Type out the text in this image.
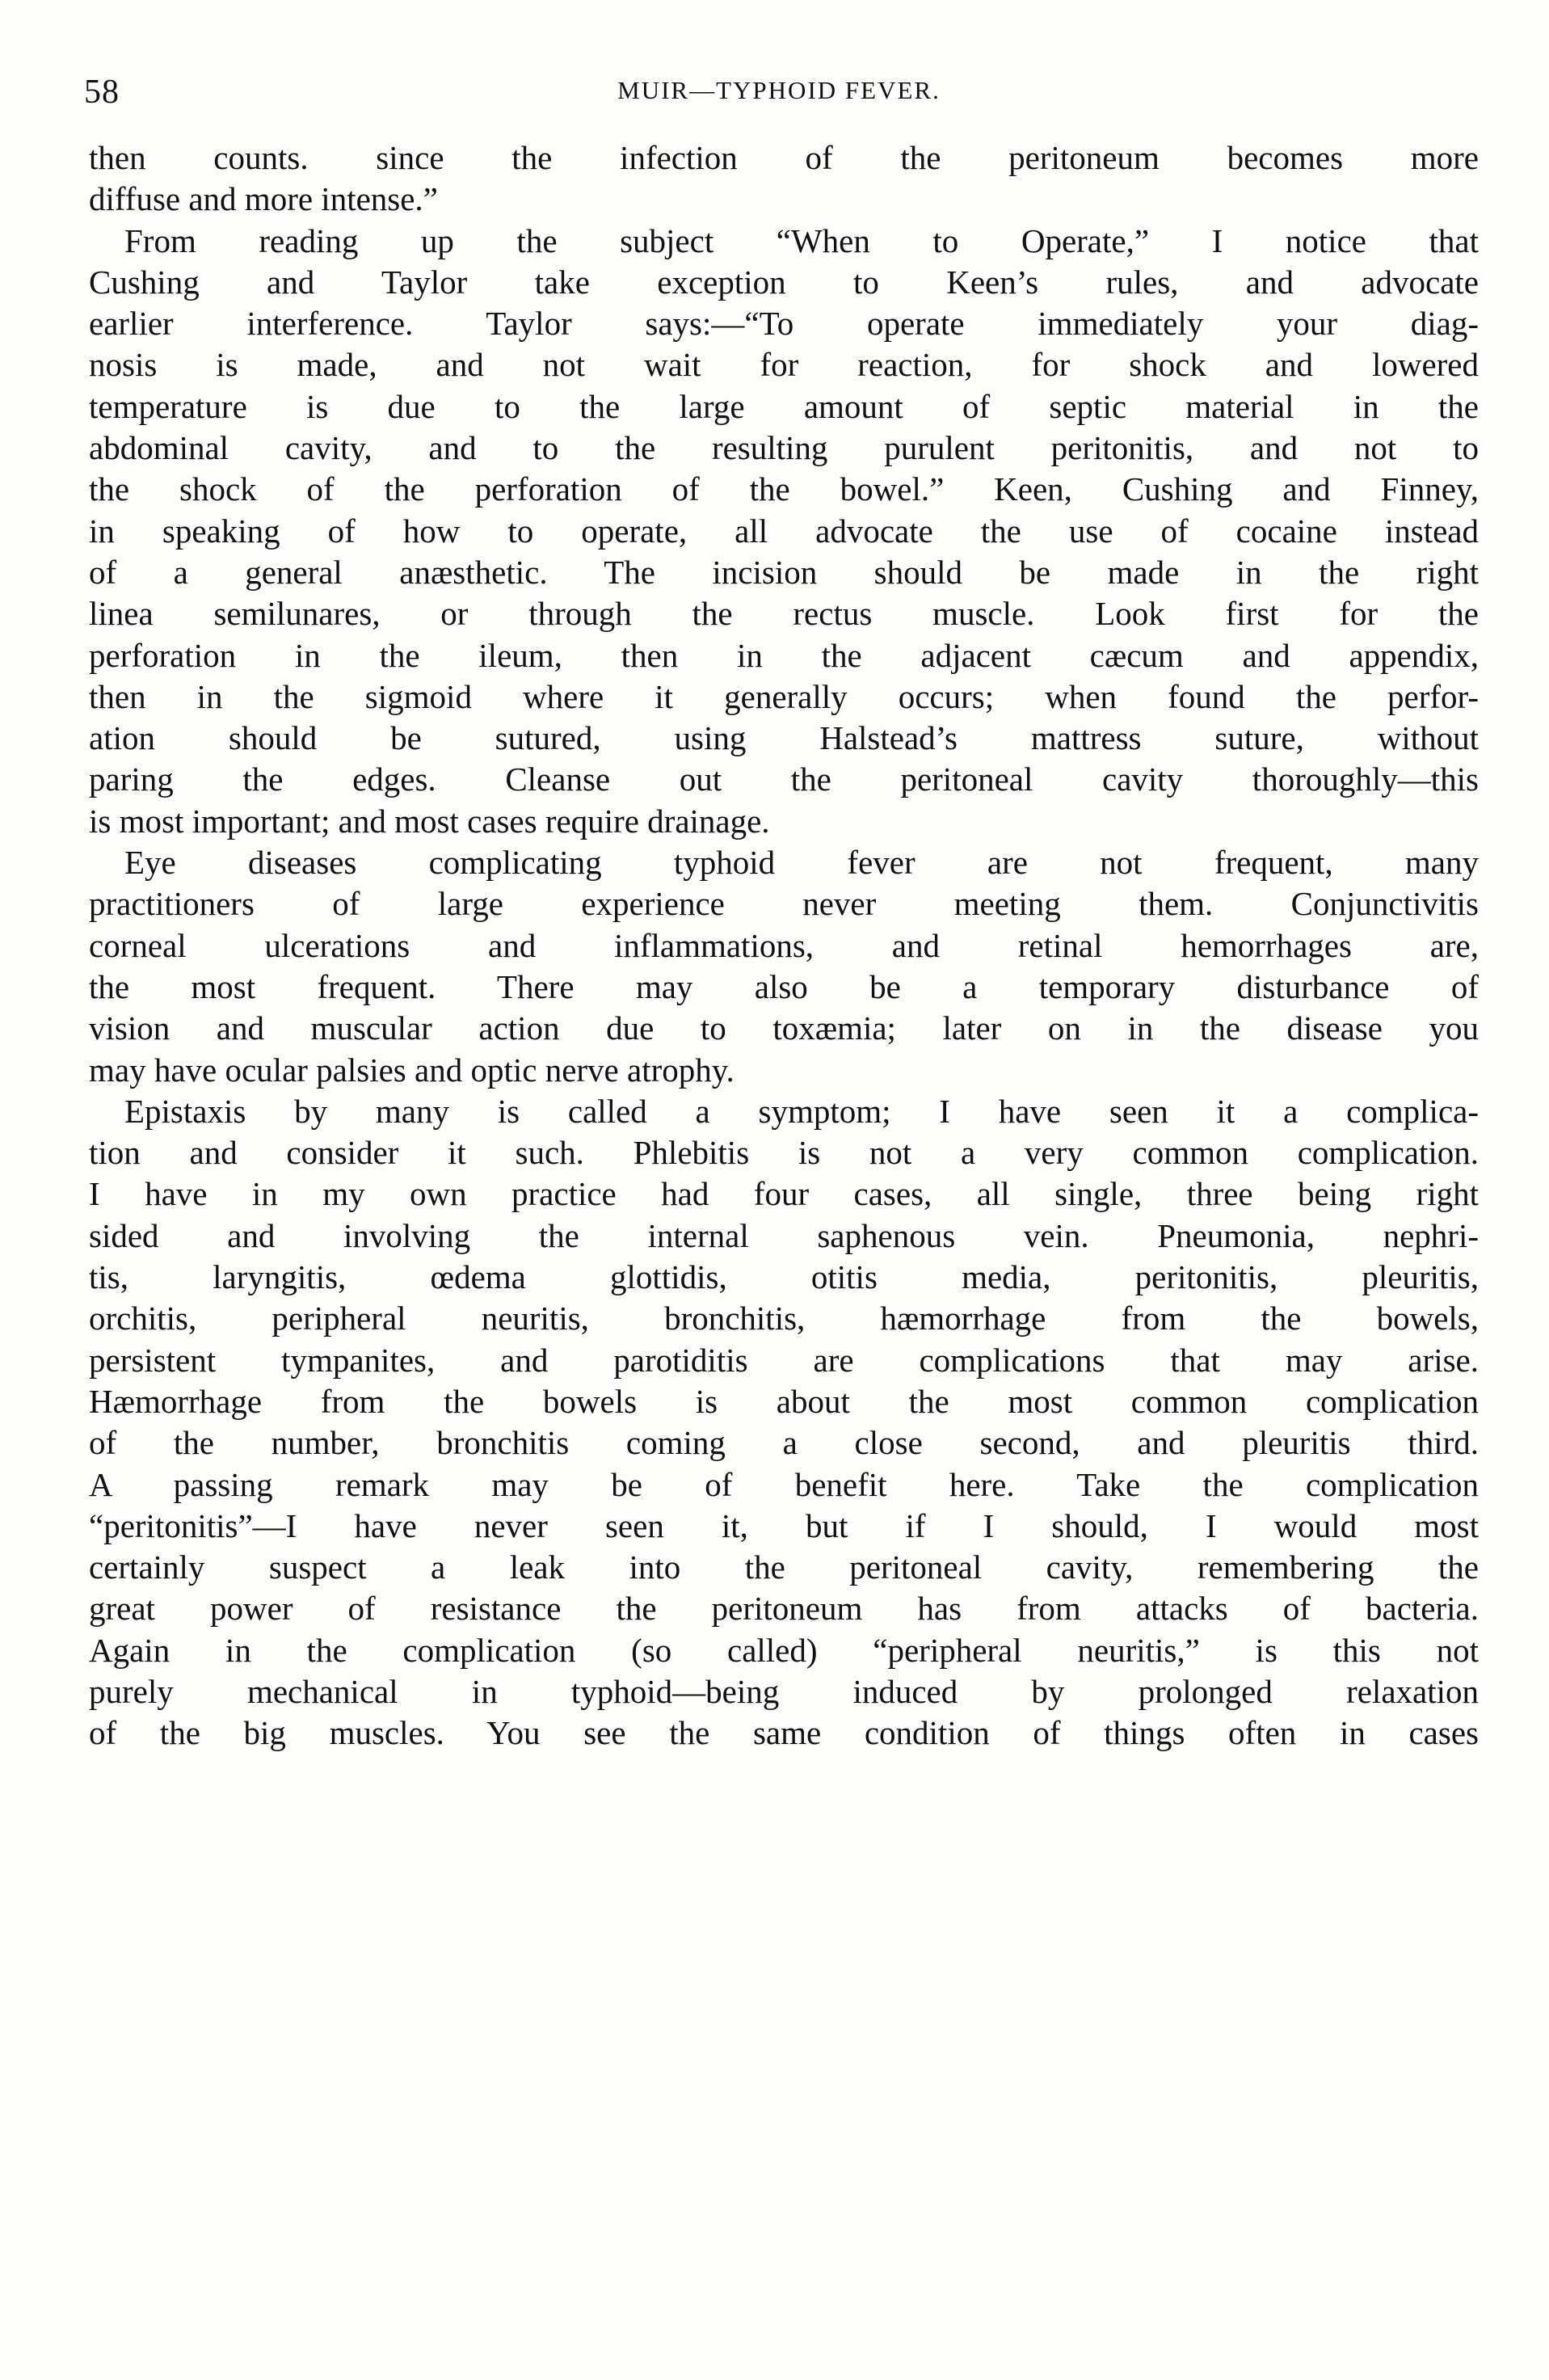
58	MUIR—TYPHOID FEVER.
then counts. since the infection of the peritoneum becomes more
diffuse and more intense.”
From reading up the subject “When to Operate,” I notice that
Cushing and Taylor take exception to Keen’s rules, and advocate
earlier interference. Taylor says:—“To operate immediately your diag-
nosis is made, and not wait for reaction, for shock and lowered
temperature is due to the large amount of septic material in the
abdominal cavity, and to the resulting purulent peritonitis, and not to
the shock of the perforation of the bowel.” Keen, Cushing and Finney,
in speaking of how to operate, all advocate the use of cocaine instead
of a general anæsthetic. The incision should be made in the right
linea semilunares, or through the rectus muscle. Look first for the
perforation in the ileum, then in the adjacent cæcum and appendix,
then in the sigmoid where it generally occurs; when found the perfor-
ation should be sutured, using Halstead’s mattress suture, without
paring the edges. Cleanse out the peritoneal cavity thoroughly—this
is most important; and most cases require drainage.
Eye diseases complicating typhoid fever are not frequent, many
practitioners of large experience never meeting them. Conjunctivitis
corneal ulcerations and inflammations, and retinal hemorrhages are,
the most frequent. There may also be a temporary disturbance of
vision and muscular action due to toxæmia; later on in the disease you
may have ocular palsies and optic nerve atrophy.
Epistaxis by many is called a symptom; I have seen it a complica-
tion and consider it such. Phlebitis is not a very common complication.
I have in my own practice had four cases, all single, three being right
sided and involving the internal saphenous vein. Pneumonia, nephri-
tis, laryngitis, œdema glottidis, otitis media, peritonitis, pleuritis,
orchitis, peripheral neuritis, bronchitis, hæmorrhage from the bowels,
persistent tympanites, and parotiditis are complications that may arise.
Hæmorrhage from the bowels is about the most common complication
of the number, bronchitis coming a close second, and pleuritis third.
A passing remark may be of benefit here. Take the complication
“peritonitis”—I have never seen it, but if I should, I would most
certainly suspect a leak into the peritoneal cavity, remembering the
great power of resistance the peritoneum has from attacks of bacteria.
Again in the complication (so called) “peripheral neuritis,” is this not
purely mechanical in typhoid—being induced by prolonged relaxation
of the big muscles. You see the same condition of things often in cases
